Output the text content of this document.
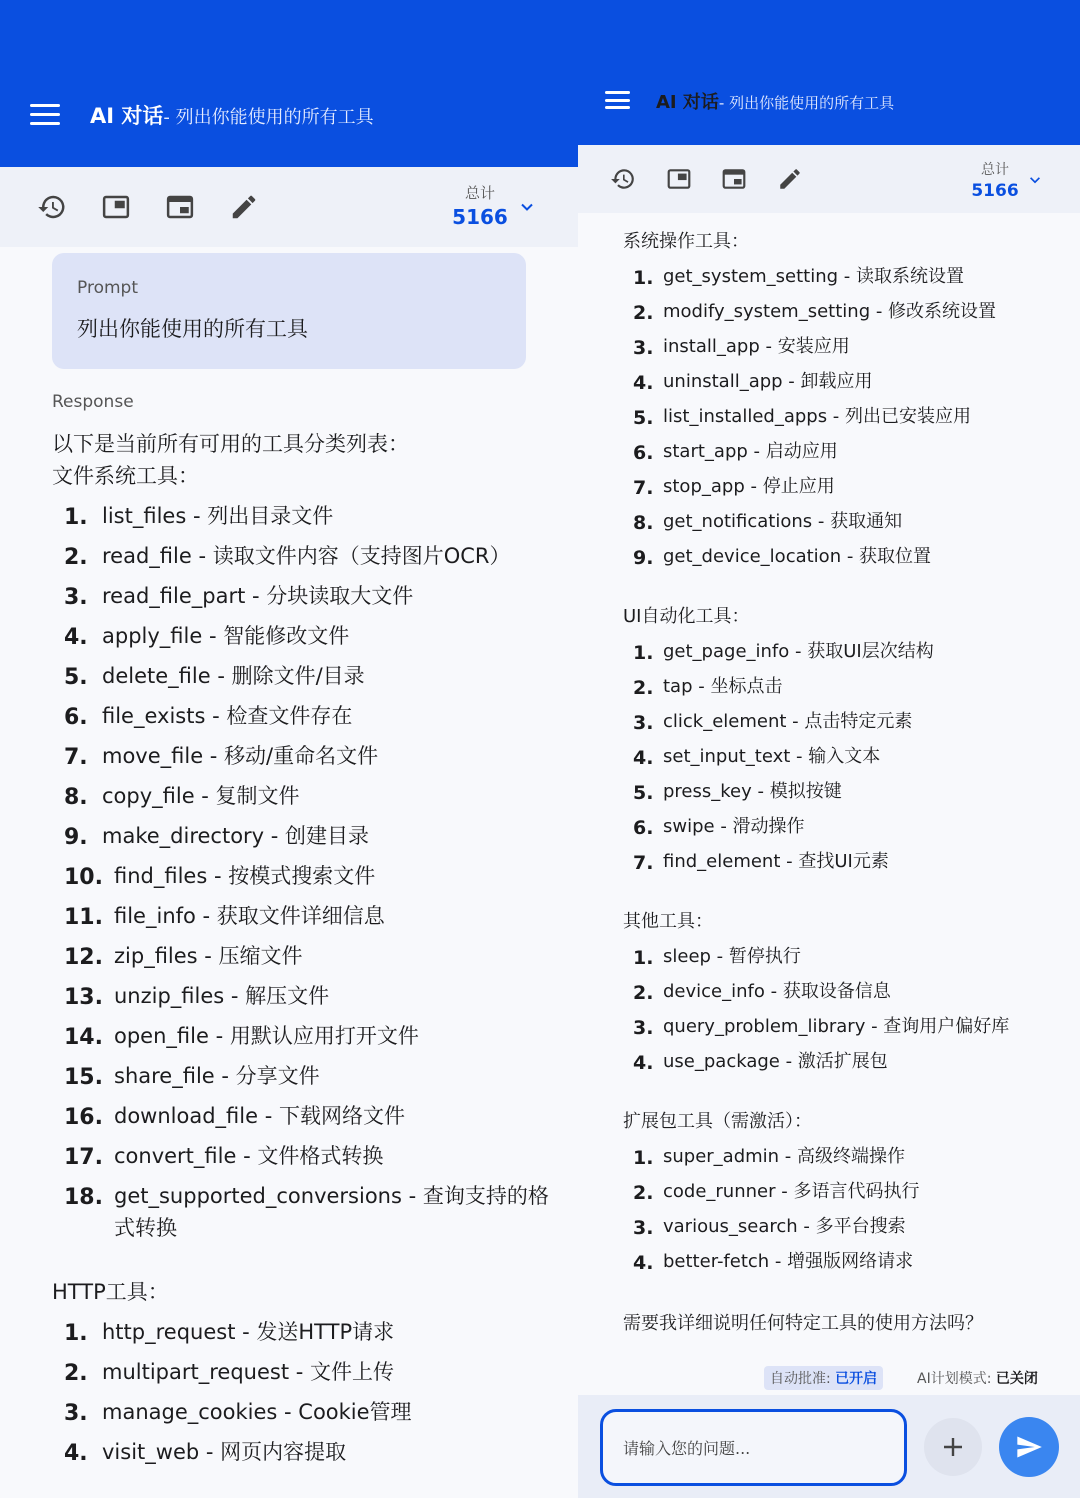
AI 对话- 列出你能使用的所有工具
总计
5166
Prompt
列出你能使用的所有工具
Response
以下是当前所有可用的工具分类列表：
文件系统工具：
1. list_files - 列出目录文件
2. read_file - 读取文件内容（支持图片OCR）
3. read_file_part - 分块读取大文件
4. apply_file - 智能修改文件
5. delete_file - 删除文件/目录
6. file_exists - 检查文件存在
7. move_file - 移动/重命名文件
8. copy_file - 复制文件
9. make_directory - 创建目录
10. find_files - 按模式搜索文件
11. file_info - 获取文件详细信息
12. zip_files - 压缩文件
13. unzip_files - 解压文件
14. open_file - 用默认应用打开文件
15. share_file - 分享文件
16. download_file - 下载网络文件
17. convert_file - 文件格式转换
18. get_supported_conversions - 查询支持的格式转换
HTTP工具：
1. http_request - 发送HTTP请求
2. multipart_request - 文件上传
3. manage_cookies - Cookie管理
4. visit_web - 网页内容提取
AI 对话- 列出你能使用的所有工具
总计
5166
系统操作工具：
1. get_system_setting - 读取系统设置
2. modify_system_setting - 修改系统设置
3. install_app - 安装应用
4. uninstall_app - 卸载应用
5. list_installed_apps - 列出已安装应用
6. start_app - 启动应用
7. stop_app - 停止应用
8. get_notifications - 获取通知
9. get_device_location - 获取位置
UI自动化工具：
1. get_page_info - 获取UI层次结构
2. tap - 坐标点击
3. click_element - 点击特定元素
4. set_input_text - 输入文本
5. press_key - 模拟按键
6. swipe - 滑动操作
7. find_element - 查找UI元素
其他工具：
1. sleep - 暂停执行
2. device_info - 获取设备信息
3. query_problem_library - 查询用户偏好库
4. use_package - 激活扩展包
扩展包工具（需激活）：
1. super_admin - 高级终端操作
2. code_runner - 多语言代码执行
3. various_search - 多平台搜索
4. better-fetch - 增强版网络请求
需要我详细说明任何特定工具的使用方法吗？
自动批准: 已开启	AI计划模式: 已关闭
请输入您的问题...
